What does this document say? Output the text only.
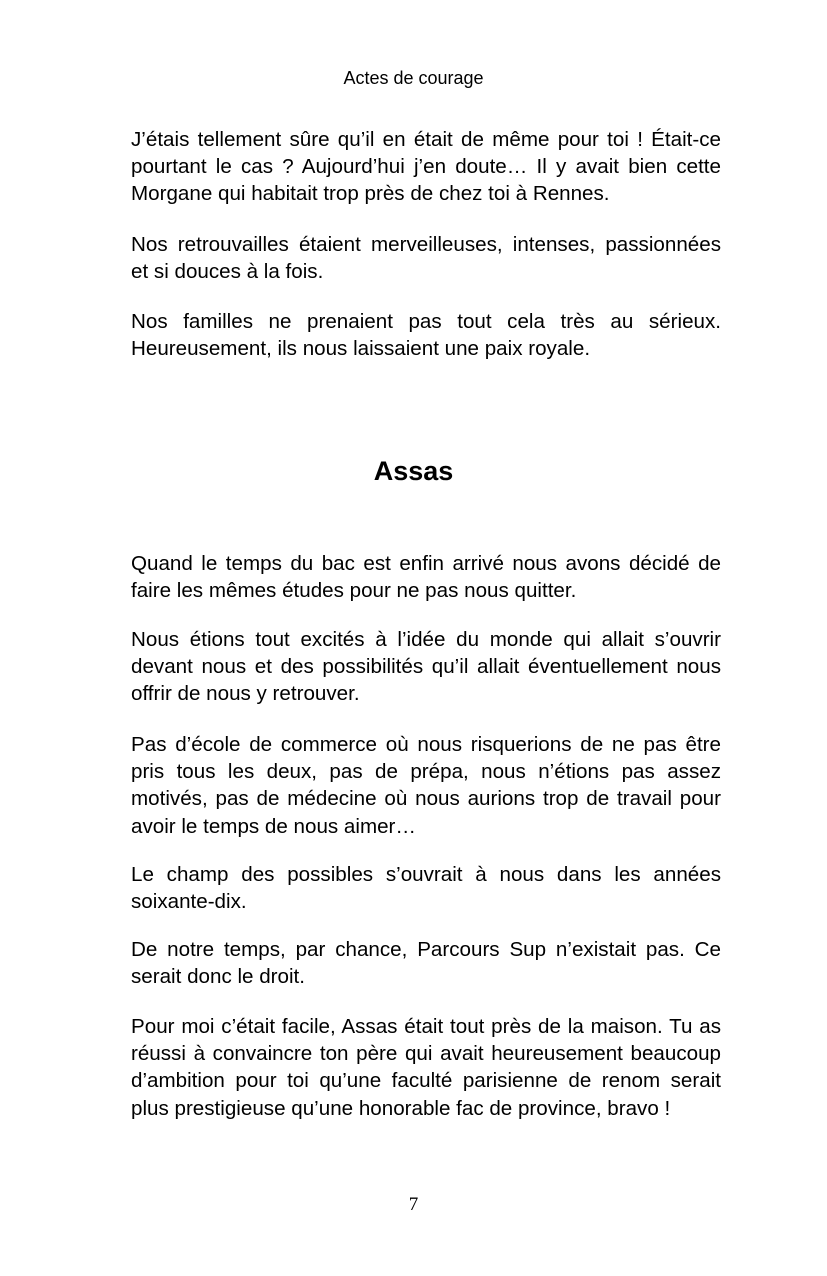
Actes de courage

J’étais tellement sûre qu’il en était de même pour toi ! Était-ce pourtant le cas ? Aujourd’hui j’en doute… Il y avait bien cette Morgane qui habitait trop près de chez toi à Rennes.

Nos retrouvailles étaient merveilleuses, intenses, passionnées et si douces à la fois.

Nos familles ne prenaient pas tout cela très au sérieux. Heureusement, ils nous laissaient une paix royale.

Assas

Quand le temps du bac est enfin arrivé nous avons décidé de faire les mêmes études pour ne pas nous quitter.

Nous étions tout excités à l’idée du monde qui allait s’ouvrir devant nous et des possibilités qu’il allait éventuellement nous offrir de nous y retrouver.

Pas d’école de commerce où nous risquerions de ne pas être pris tous les deux, pas de prépa, nous n’étions pas assez motivés, pas de médecine où nous aurions trop de travail pour avoir le temps de nous aimer…

Le champ des possibles s’ouvrait à nous dans les années soixante-dix.

De notre temps, par chance, Parcours Sup n’existait pas. Ce serait donc le droit.

Pour moi c’était facile, Assas était tout près de la maison. Tu as réussi à convaincre ton père qui avait heureusement beaucoup d’ambition pour toi qu’une faculté parisienne de renom serait plus prestigieuse qu’une honorable fac de province, bravo !

7
